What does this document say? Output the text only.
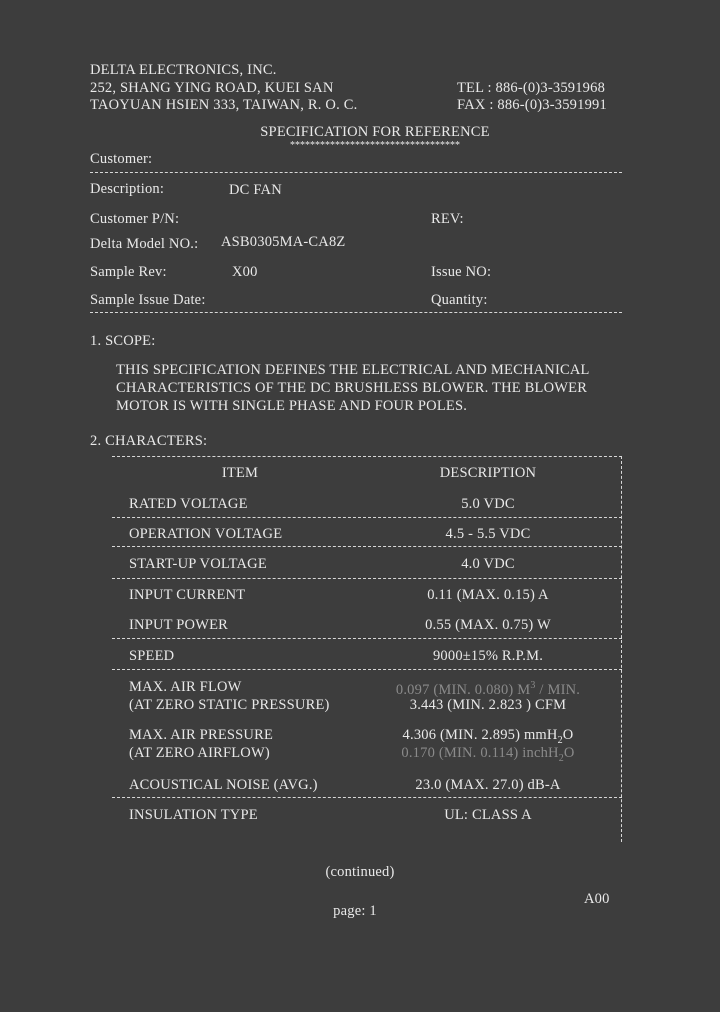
DELTA ELECTRONICS, INC.
252, SHANG YING ROAD, KUEI SAN
TAOYUAN HSIEN 333, TAIWAN, R. O. C.
TEL : 886-(0)3-3591968
FAX : 886-(0)3-3591991
SPECIFICATION FOR REFERENCE
**********************************
Customer:
Description:	DC FAN
Customer P/N:	REV:
Delta Model NO.: ASB0305MA-CA8Z
Sample Rev:	X00	Issue NO:
Sample Issue Date:	Quantity:
1. SCOPE:
THIS SPECIFICATION DEFINES THE ELECTRICAL AND MECHANICAL
CHARACTERISTICS OF THE DC BRUSHLESS BLOWER. THE BLOWER
MOTOR IS WITH SINGLE PHASE AND FOUR POLES.
2. CHARACTERS:
ITEM	DESCRIPTION
RATED VOLTAGE	5.0 VDC
OPERATION VOLTAGE	4.5 - 5.5 VDC
START-UP VOLTAGE	4.0 VDC
INPUT CURRENT	0.11 (MAX. 0.15) A
INPUT POWER	0.55 (MAX. 0.75) W
SPEED	9000±15% R.P.M.
MAX. AIR FLOW	0.097 (MIN. 0.080) $M^3$ / MIN.
(AT ZERO STATIC PRESSURE)	3.443 (MIN. 2.823 ) CFM
MAX. AIR PRESSURE	4.306 (MIN. 2.895) mmH$_2$O
(AT ZERO AIRFLOW)	0.170 (MIN. 0.114) inchH$_2$O
ACOUSTICAL NOISE (AVG.)	23.0 (MAX. 27.0) dB-A
INSULATION TYPE	UL: CLASS A
(continued)
A00
page: 1
